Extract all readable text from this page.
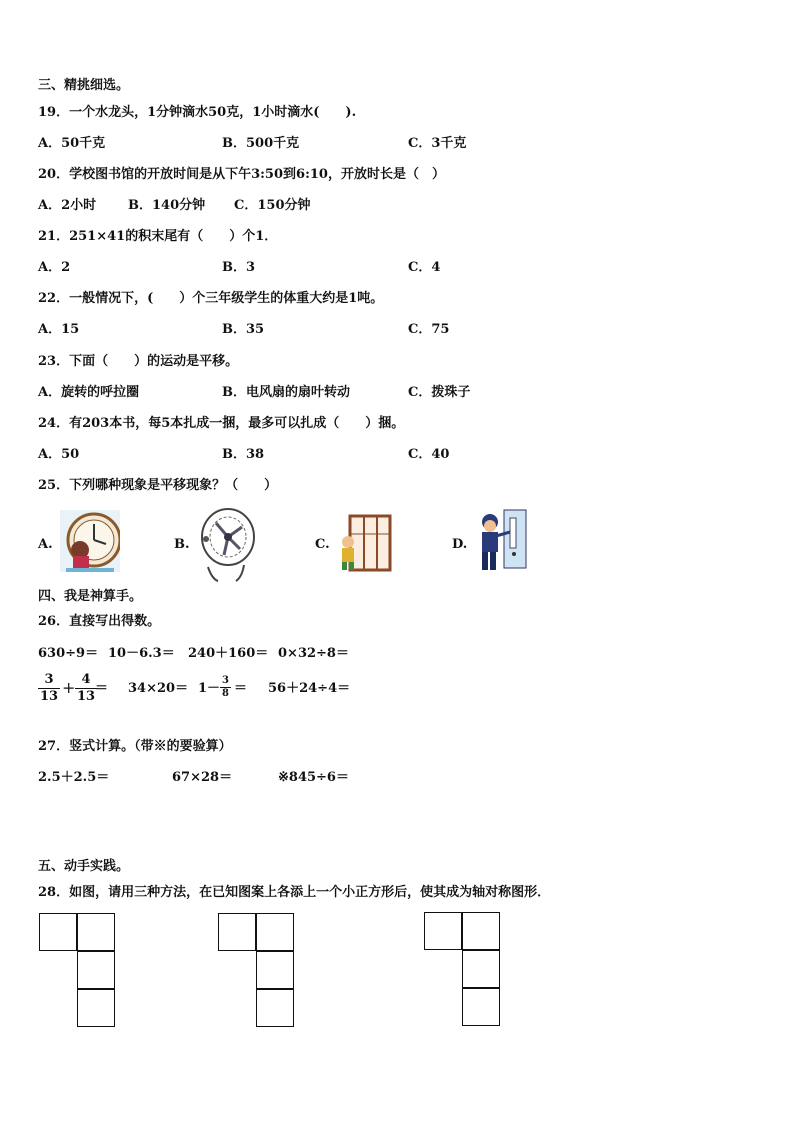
三、精挑细选。
19．一个水龙头，1分钟滴水50克，1小时滴水(　　).
A．50千克	B．500千克	C．3千克
20．学校图书馆的开放时间是从下午3:50到6:10，开放时长是（　）
A．2小时 B．140分钟 C．150分钟
21．251×41的积末尾有（　　）个1．
A．2	B．3	C．4
22．一般情况下，(　　）个三年级学生的体重大约是1吨。
A．15	B．35	C．75
23．下面（　　）的运动是平移。
A．旋转的呼拉圈	B．电风扇的扇叶转动	C．拨珠子
24．有203本书，每5本扎成一捆，最多可以扎成（　　）捆。
A．50	B．38	C．40
25．下列哪种现象是平移现象？（　　）
A.	B.	C.	D.
四、我是神算手。
26．直接写出得数。
630÷9＝ 10－6.3＝ 240＋160＝ 0×32÷8＝
$\frac{3}{13} + \frac{4}{13}$
＝ $34\times 20= 1- \frac{3}{8} = 56+24\div 4=$
27．竖式计算。（带※的要验算）
2.5＋2.5＝	67×28＝	※845÷6＝
五、动手实践。
28．如图，请用三种方法，在已知图案上各添上一个小正方形后，使其成为轴对称图形．
